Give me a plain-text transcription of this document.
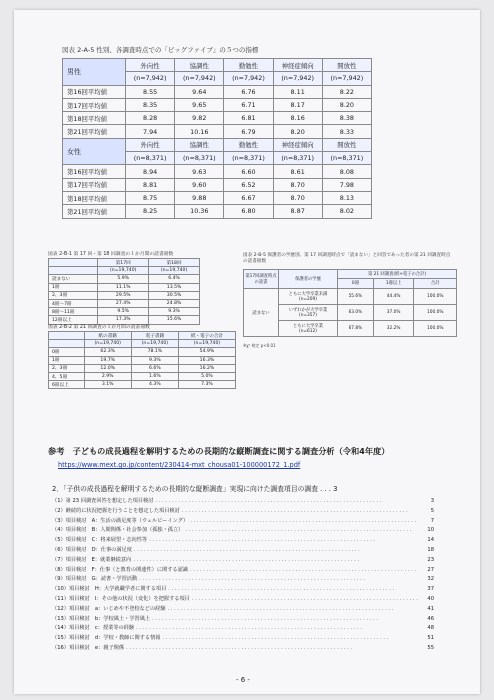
図表 2-A-5 性別、各調査時点での「ビッグファイブ」の５つの指標
男性	外向性	協調性	勤勉性	神経症傾向	開放性
	(n=7,942)	(n=7,942)	(n=7,942)	(n=7,942)	(n=7,942)
第16回平均値	8.55	9.64	6.76	8.11	8.22
第17回平均値	8.35	9.65	6.71	8.17	8.20
第18回平均値	8.28	9.82	6.81	8.16	8.38
第21回平均値	7.94	10.16	6.79	8.20	8.33
女性	外向性	協調性	勤勉性	神経症傾向	開放性
	(n=8,371)	(n=8,371)	(n=8,371)	(n=8,371)	(n=8,371)
第16回平均値	8.94	9.63	6.60	8.61	8.08
第17回平均値	8.81	9.60	6.52	8.70	7.98
第18回平均値	8.75	9.88	6.67	8.70	8.13
第21回平均値	8.25	10.36	6.80	8.87	8.02
図表 2-B-1 第 17 回・第 18 回調査の１か月間の読書冊数
	第17回	第18回
	(n=19,740)	(n=19,740)
読まない	5.9%	6.4%
1冊	11.1%	13.5%
2、3冊	29.5%	30.5%
4冊～7冊	27.4%	24.8%
8冊～11冊	9.5%	9.3%
12冊以上	17.3%	15.6%
図表 2-B-2 第 21 回調査の１か月間の読書冊数
	紙の書籍	電子書籍	紙・電子の合計
	(n=19,740)	(n=19,740)	(n=19,740)
0冊	62.3%	78.1%	54.9%
1冊	19.7%	9.3%	16.3%
2、3冊	12.0%	6.6%	16.2%
4、5冊	2.9%	1.6%	5.0%
6冊以上	3.1%	4.3%	7.3%
図表 2-B-5 保護者の学歴別、第 17 回調査時点で「読まない」と回答であった者の第 21 回調査時点の読書冊数
第17回調査時点の読書	保護者の学歴	第 21 回調査(紙+電子の合計)		
		0冊	1冊以上	合計
読まない	ともに大学卒業未満
(n=209)	55.6%	44.4%	100.0%

	いずれかが大学卒業
(n=357)	63.0%	37.0%	100.0%

	ともに大学卒業
(n=612)	67.8%	32.2%	100.0%
※χ² 検定 p<0.01
参考　子どもの成長過程を解明するための長期的な縦断調査に関する調査分析（令和4年度）
https://www.mext.go.jp/content/230414-mxt_chousa01-100000172_1.pdf
2．「子供の成長過程を解明するための長期的な縦断調査」実現に向けた調査項目の調査 . . . 3
（1）第 23 回調査回答を想定した項目検討 . . . . . . . . . . . . . . . . . . . . . . . . . . . . . . . . . . . . . . . . . . . . . . . . . . . . . . . . . . . . . . . . . . . . .	3
（2）継続的に状況把握を行うことを想定した項目検討 . . . . . . . . . . . . . . . . . . . . . . . . . . . . . . . . . . . . . . . . . . . . . . . . . . . . . . . . . . . . . . . . . . . . .	5
（3）項目検討　A：生活の満足度等（ウェルビーイング） . . . . . . . . . . . . . . . . . . . . . . . . . . . . . . . . . . . . . . . . . . . . . . . . . . . . . . . . . . . . . . . . . . . . .	7
（4）項目検討　B：人間関係・社会参加（孤独・孤立） . . . . . . . . . . . . . . . . . . . . . . . . . . . . . . . . . . . . . . . . . . . . . . . . . . . . . . . . . . . . . . . . . . . . .	10
（5）項目検討　C：将来展望・志向性等 . . . . . . . . . . . . . . . . . . . . . . . . . . . . . . . . . . . . . . . . . . . . . . . . . . . . . . . . . . . . . . . . . . . . .	14
（6）項目検討　D：仕事の満足度 . . . . . . . . . . . . . . . . . . . . . . . . . . . . . . . . . . . . . . . . . . . . . . . . . . . . . . . . . . . . . . . . . . . . .	18
（7）項目検討　E：就業継続意向 . . . . . . . . . . . . . . . . . . . . . . . . . . . . . . . . . . . . . . . . . . . . . . . . . . . . . . . . . . . . . . . . . . . . .	23
（8）項目検討　F：仕事（と教育の関連性）に関する認識 . . . . . . . . . . . . . . . . . . . . . . . . . . . . . . . . . . . . . . . . . . . . . . . . . . . . . . . . . . . . . . . . . . . . .	27
（9）項目検討　G：読書・学習活動 . . . . . . . . . . . . . . . . . . . . . . . . . . . . . . . . . . . . . . . . . . . . . . . . . . . . . . . . . . . . . . . . . . . . .	32
（10）項目検討　H：大学就職学者に関する項目 . . . . . . . . . . . . . . . . . . . . . . . . . . . . . . . . . . . . . . . . . . . . . . . . . . . . . . . . . . . . . . . . . . . . .	37
（11）項目検討　I：その他の状況（変化）を把握する項目 . . . . . . . . . . . . . . . . . . . . . . . . . . . . . . . . . . . . . . . . . . . . . . . . . . . . . . . . . . . . . . . . . . . . .	40
（12）項目検討　a：いじめや不登校などの経験 . . . . . . . . . . . . . . . . . . . . . . . . . . . . . . . . . . . . . . . . . . . . . . . . . . . . . . . . . . . . . . . . . . . . .	41
（13）項目検討　b：学校風土・学習風土 . . . . . . . . . . . . . . . . . . . . . . . . . . . . . . . . . . . . . . . . . . . . . . . . . . . . . . . . . . . . . . . . . . . . .	46
（14）項目検討　c：授業等の経験 . . . . . . . . . . . . . . . . . . . . . . . . . . . . . . . . . . . . . . . . . . . . . . . . . . . . . . . . . . . . . . . . . . . . .	48
（15）項目検討　d：学校・教師に関する情報 . . . . . . . . . . . . . . . . . . . . . . . . . . . . . . . . . . . . . . . . . . . . . . . . . . . . . . . . . . . . . . . . . . . . .	51
（16）項目検討　e：親子関係 . . . . . . . . . . . . . . . . . . . . . . . . . . . . . . . . . . . . . . . . . . . . . . . . . . . . . . . . . . . . . . . . . . . . .	55
- 6 -
